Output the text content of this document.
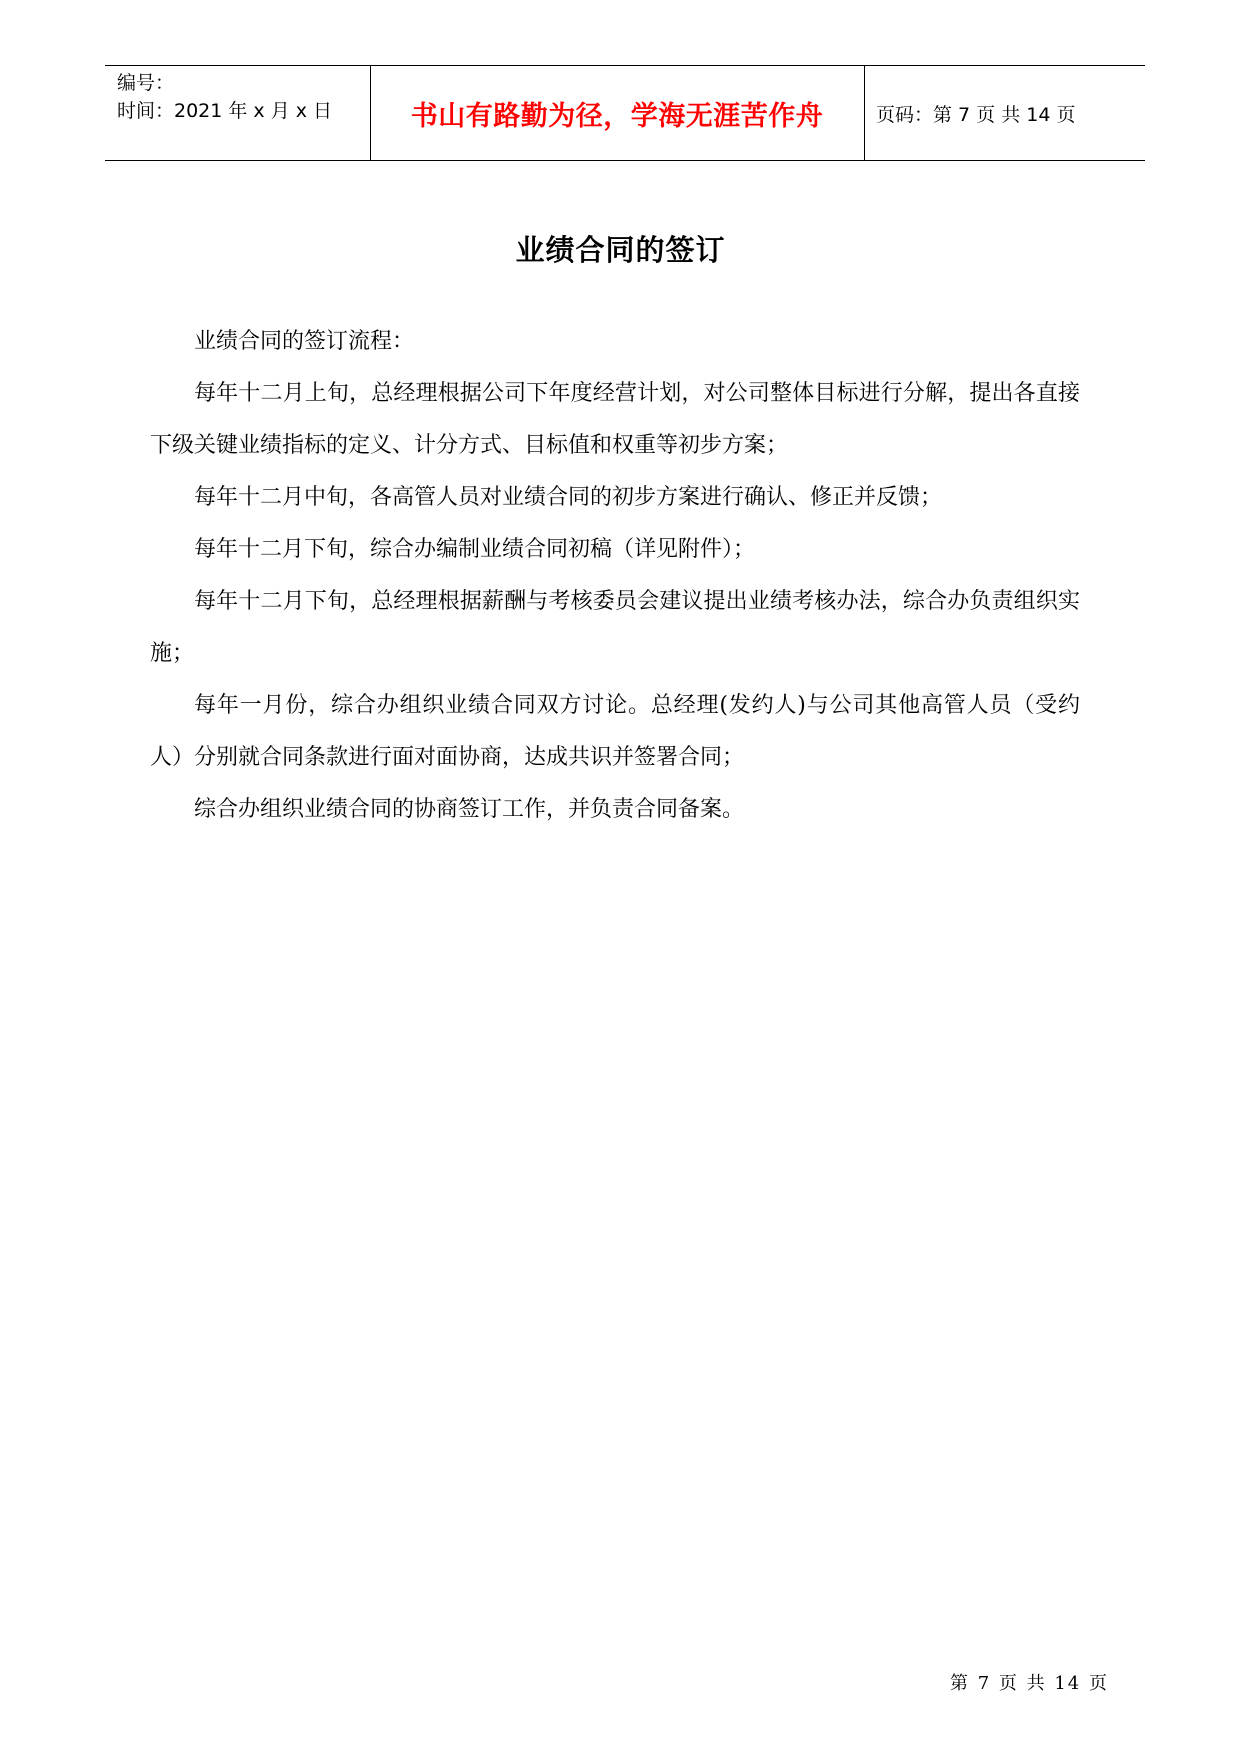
编号：
时间：2021 年 x 月 x 日	书山有路勤为径，学海无涯苦作舟	页码：第 7 页 共 14 页
业绩合同的签订

业绩合同的签订流程：

每年十二月上旬，总经理根据公司下年度经营计划，对公司整体目标进行分解，提出各直接下级关键业绩指标的定义、计分方式、目标值和权重等初步方案；

每年十二月中旬，各高管人员对业绩合同的初步方案进行确认、修正并反馈；

每年十二月下旬，综合办编制业绩合同初稿（详见附件）；

每年十二月下旬，总经理根据薪酬与考核委员会建议提出业绩考核办法，综合办负责组织实施；

每年一月份，综合办组织业绩合同双方讨论。总经理(发约人)与公司其他高管人员（受约人）分别就合同条款进行面对面协商，达成共识并签署合同；

综合办组织业绩合同的协商签订工作，并负责合同备案。

第 7 页 共 14 页
